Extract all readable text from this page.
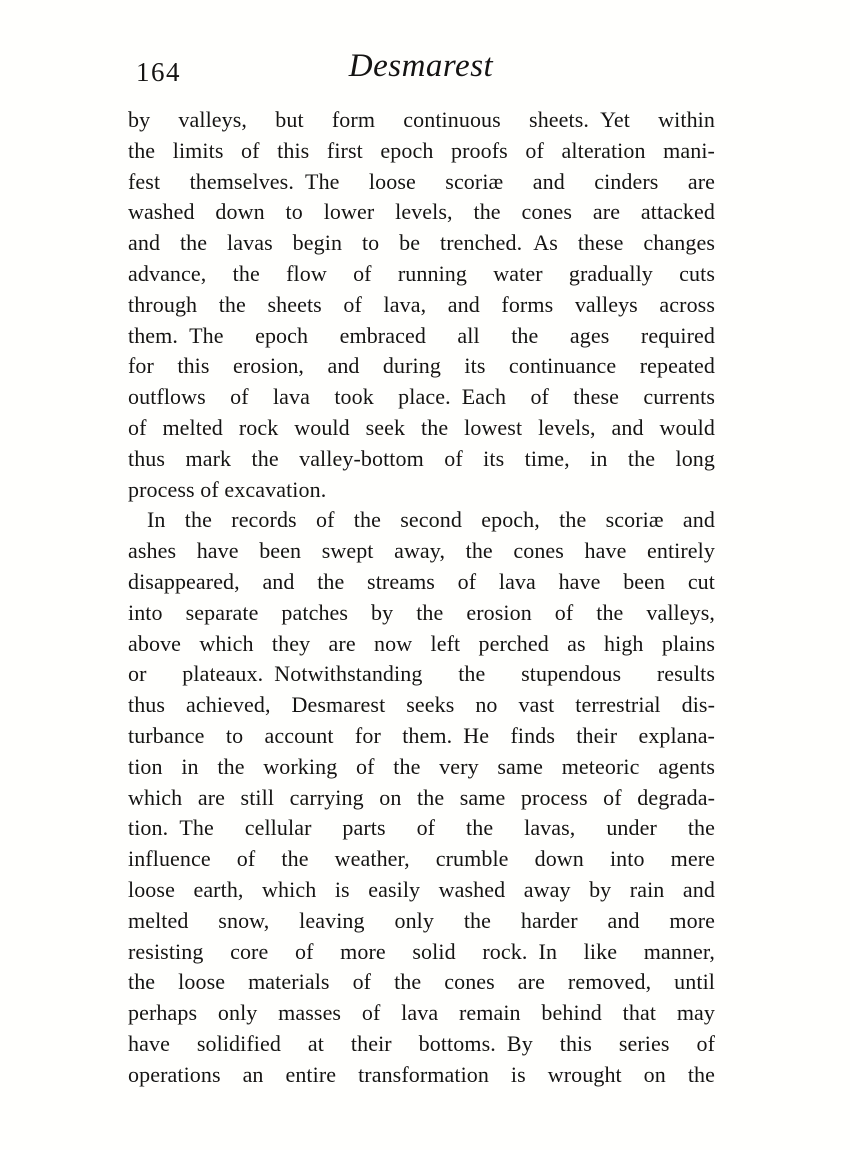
164	Desmarest
by valleys, but form continuous sheets. Yet within
the limits of this first epoch proofs of alteration mani-
fest themselves. The loose scoriæ and cinders are
washed down to lower levels, the cones are attacked
and the lavas begin to be trenched. As these changes
advance, the flow of running water gradually cuts
through the sheets of lava, and forms valleys across
them. The epoch embraced all the ages required
for this erosion, and during its continuance repeated
outflows of lava took place. Each of these currents
of melted rock would seek the lowest levels, and would
thus mark the valley-bottom of its time, in the long
process of excavation.
In the records of the second epoch, the scoriæ and
ashes have been swept away, the cones have entirely
disappeared, and the streams of lava have been cut
into separate patches by the erosion of the valleys,
above which they are now left perched as high plains
or plateaux. Notwithstanding the stupendous results
thus achieved, Desmarest seeks no vast terrestrial dis-
turbance to account for them. He finds their explana-
tion in the working of the very same meteoric agents
which are still carrying on the same process of degrada-
tion. The cellular parts of the lavas, under the
influence of the weather, crumble down into mere
loose earth, which is easily washed away by rain and
melted snow, leaving only the harder and more
resisting core of more solid rock. In like manner,
the loose materials of the cones are removed, until
perhaps only masses of lava remain behind that may
have solidified at their bottoms. By this series of
operations an entire transformation is wrought on the
